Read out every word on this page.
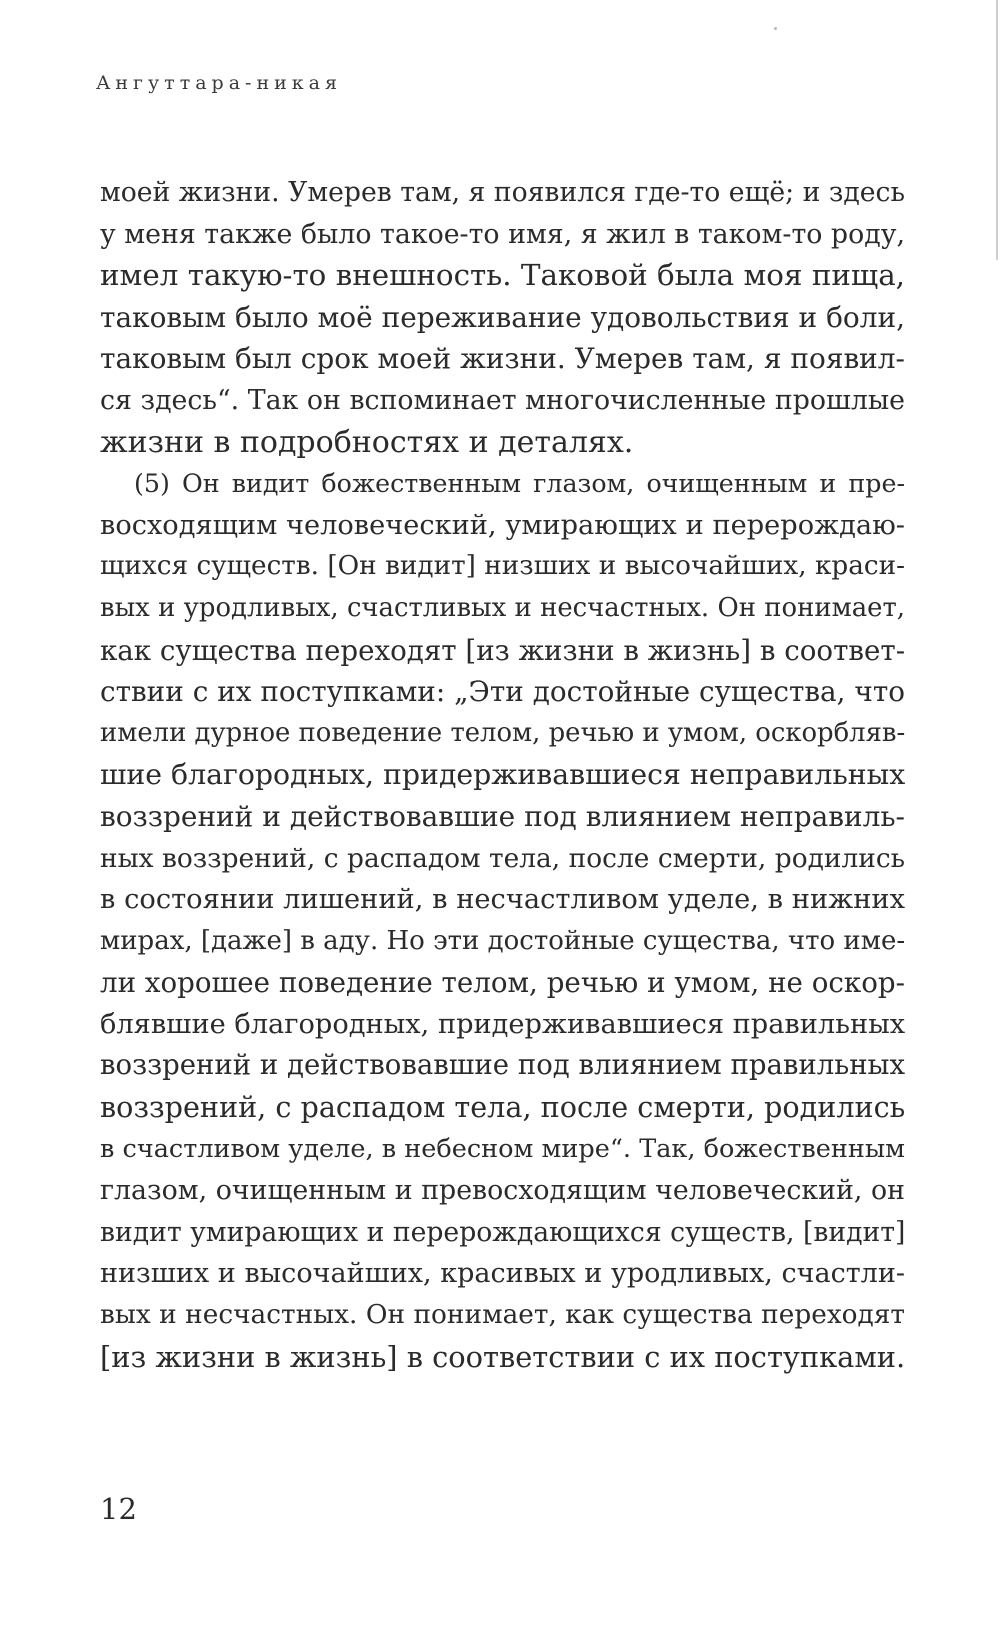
Ангуттара-никая
моей жизни. Умерев там, я появился где-то ещё; и здесь
у меня также было такое-то имя, я жил в таком-то роду,
имел такую-то внешность. Таковой была моя пища,
таковым было моё переживание удовольствия и боли,
таковым был срок моей жизни. Умерев там, я появил-
ся здесь“. Так он вспоминает многочисленные прошлые
жизни в подробностях и деталях.
(5) Он видит божественным глазом, очищенным и пре-
восходящим человеческий, умирающих и перерождаю-
щихся существ. [Он видит] низших и высочайших, краси-
вых и уродливых, счастливых и несчастных. Он понимает,
как существа переходят [из жизни в жизнь] в соответ-
ствии с их поступками: „Эти достойные существа, что
имели дурное поведение телом, речью и умом, оскорбляв-
шие благородных, придерживавшиеся неправильных
воззрений и действовавшие под влиянием неправиль-
ных воззрений, с распадом тела, после смерти, родились
в состоянии лишений, в несчастливом уделе, в нижних
мирах, [даже] в аду. Но эти достойные существа, что име-
ли хорошее поведение телом, речью и умом, не оскор-
блявшие благородных, придерживавшиеся правильных
воззрений и действовавшие под влиянием правильных
воззрений, с распадом тела, после смерти, родились
в счастливом уделе, в небесном мире“. Так, божественным
глазом, очищенным и превосходящим человеческий, он
видит умирающих и перерождающихся существ, [видит]
низших и высочайших, красивых и уродливых, счастли-
вых и несчастных. Он понимает, как существа переходят
[из жизни в жизнь] в соответствии с их поступками.
12
